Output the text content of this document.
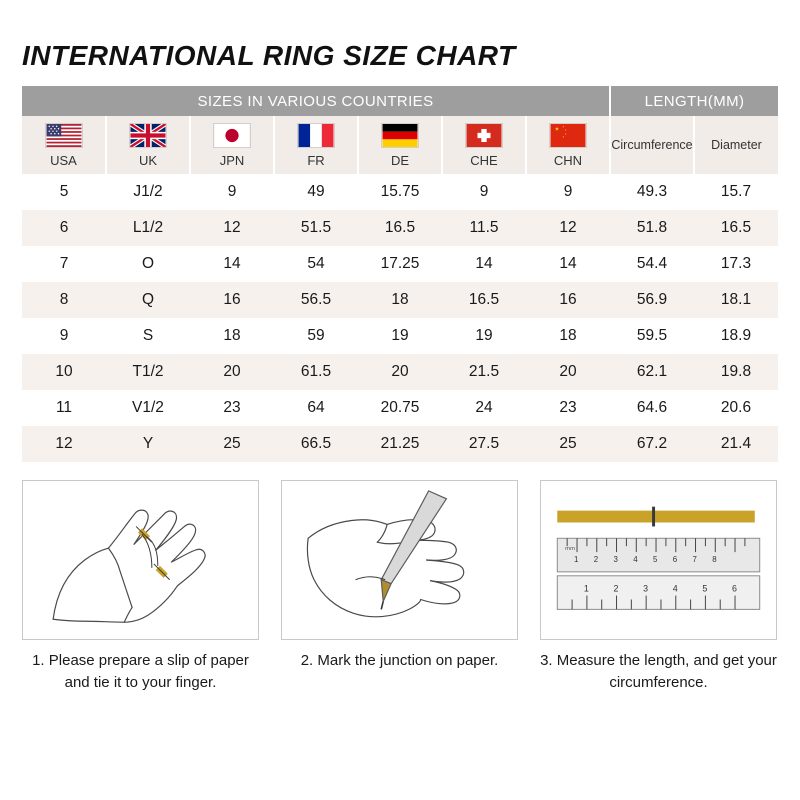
INTERNATIONAL RING SIZE CHART
SIZES IN VARIOUS COUNTRIES							LENGTH(MM)	

USA	UK	JPN	FR	DE	CHE	CHN	Circumference	Diameter

5	J1/2	9	49	15.75	9	9	49.3	15.7
6	L1/2	12	51.5	16.5	11.5	12	51.8	16.5
7	O	14	54	17.25	14	14	54.4	17.3
8	Q	16	56.5	18	16.5	16	56.9	18.1
9	S	18	59	19	19	18	59.5	18.9
10	T1/2	20	61.5	20	21.5	20	62.1	19.8
11	V1/2	23	64	20.75	24	23	64.6	20.6
12	Y	25	66.5	21.25	27.5	25	67.2	21.4
1. Please prepare a slip of paper and tie it to your finger.
2. Mark the junction on paper.
1 2 3 4 5 6 7 8
1	2	3	4	5	6
mm
3. Measure the length, and get your circumference.
